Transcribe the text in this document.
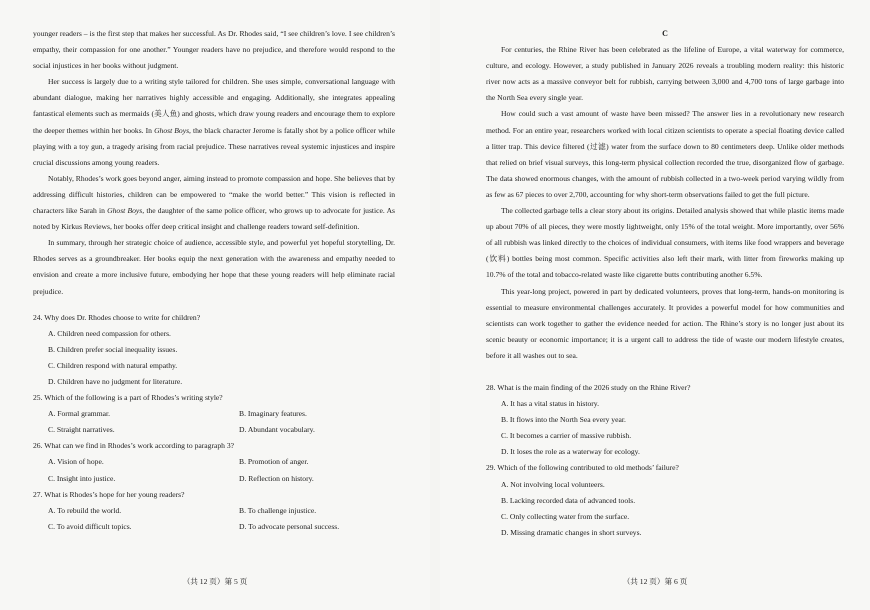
younger readers – is the first step that makes her successful. As Dr. Rhodes said, “I see children’s love. I see children’s empathy, their compassion for one another.” Younger readers have no prejudice, and therefore would respond to the social injustices in her books without judgment.

Her success is largely due to a writing style tailored for children. She uses simple, conversational language with abundant dialogue, making her narratives highly accessible and engaging. Additionally, she integrates appealing fantastical elements such as mermaids (美人鱼) and ghosts, which draw young readers and encourage them to explore the deeper themes within her books. In Ghost Boys, the black character Jerome is fatally shot by a police officer while playing with a toy gun, a tragedy arising from racial prejudice. These narratives reveal systemic injustices and inspire crucial discussions among young readers.

Notably, Rhodes’s work goes beyond anger, aiming instead to promote compassion and hope. She believes that by addressing difficult histories, children can be empowered to “make the world better.” This vision is reflected in characters like Sarah in Ghost Boys, the daughter of the same police officer, who grows up to advocate for justice. As noted by Kirkus Reviews, her books offer deep critical insight and challenge readers toward self-definition.

In summary, through her strategic choice of audience, accessible style, and powerful yet hopeful storytelling, Dr. Rhodes serves as a groundbreaker. Her books equip the next generation with the awareness and empathy needed to envision and create a more inclusive future, embodying her hope that these young readers will help eliminate racial prejudice.

24. Why does Dr. Rhodes choose to write for children?

A. Children need compassion for others.
B. Children prefer social inequality issues.
C. Children respond with natural empathy.
D. Children have no judgment for literature.

25. Which of the following is a part of Rhodes’s writing style?

A. Formal grammar.	B. Imaginary features.
C. Straight narratives.	D. Abundant vocabulary.

26. What can we find in Rhodes’s work according to paragraph 3?

A. Vision of hope.	B. Promotion of anger.
C. Insight into justice.	D. Reflection on history.

27. What is Rhodes’s hope for her young readers?

A. To rebuild the world.	B. To challenge injustice.
C. To avoid difficult topics.	D. To advocate personal success.
（共 12 页）第 5 页

C

For centuries, the Rhine River has been celebrated as the lifeline of Europe, a vital waterway for commerce, culture, and ecology. However, a study published in January 2026 reveals a troubling modern reality: this historic river now acts as a massive conveyor belt for rubbish, carrying between 3,000 and 4,700 tons of large garbage into the North Sea every single year.

How could such a vast amount of waste have been missed? The answer lies in a revolutionary new research method. For an entire year, researchers worked with local citizen scientists to operate a special floating device called a litter trap. This device filtered (过滤) water from the surface down to 80 centimeters deep. Unlike older methods that relied on brief visual surveys, this long-term physical collection recorded the true, disorganized flow of garbage. The data showed enormous changes, with the amount of rubbish collected in a two-week period varying wildly from as few as 67 pieces to over 2,700, accounting for why short-term observations failed to get the full picture.

The collected garbage tells a clear story about its origins. Detailed analysis showed that while plastic items made up about 70% of all pieces, they were mostly lightweight, only 15% of the total weight. More importantly, over 56% of all rubbish was linked directly to the choices of individual consumers, with items like food wrappers and beverage (饮料) bottles being most common. Specific activities also left their mark, with litter from fireworks making up 10.7% of the total and tobacco-related waste like cigarette butts contributing another 6.5%.

This year-long project, powered in part by dedicated volunteers, proves that long-term, hands-on monitoring is essential to measure environmental challenges accurately. It provides a powerful model for how communities and scientists can work together to gather the evidence needed for action. The Rhine’s story is no longer just about its scenic beauty or economic importance; it is a urgent call to address the tide of waste our modern lifestyle creates, before it all washes out to sea.

28. What is the main finding of the 2026 study on the Rhine River?

A. It has a vital status in history.
B. It flows into the North Sea every year.
C. It becomes a carrier of massive rubbish.
D. It loses the role as a waterway for ecology.

29. Which of the following contributed to old methods’ failure?

A. Not involving local volunteers.
B. Lacking recorded data of advanced tools.
C. Only collecting water from the surface.
D. Missing dramatic changes in short surveys.
（共 12 页）第 6 页
